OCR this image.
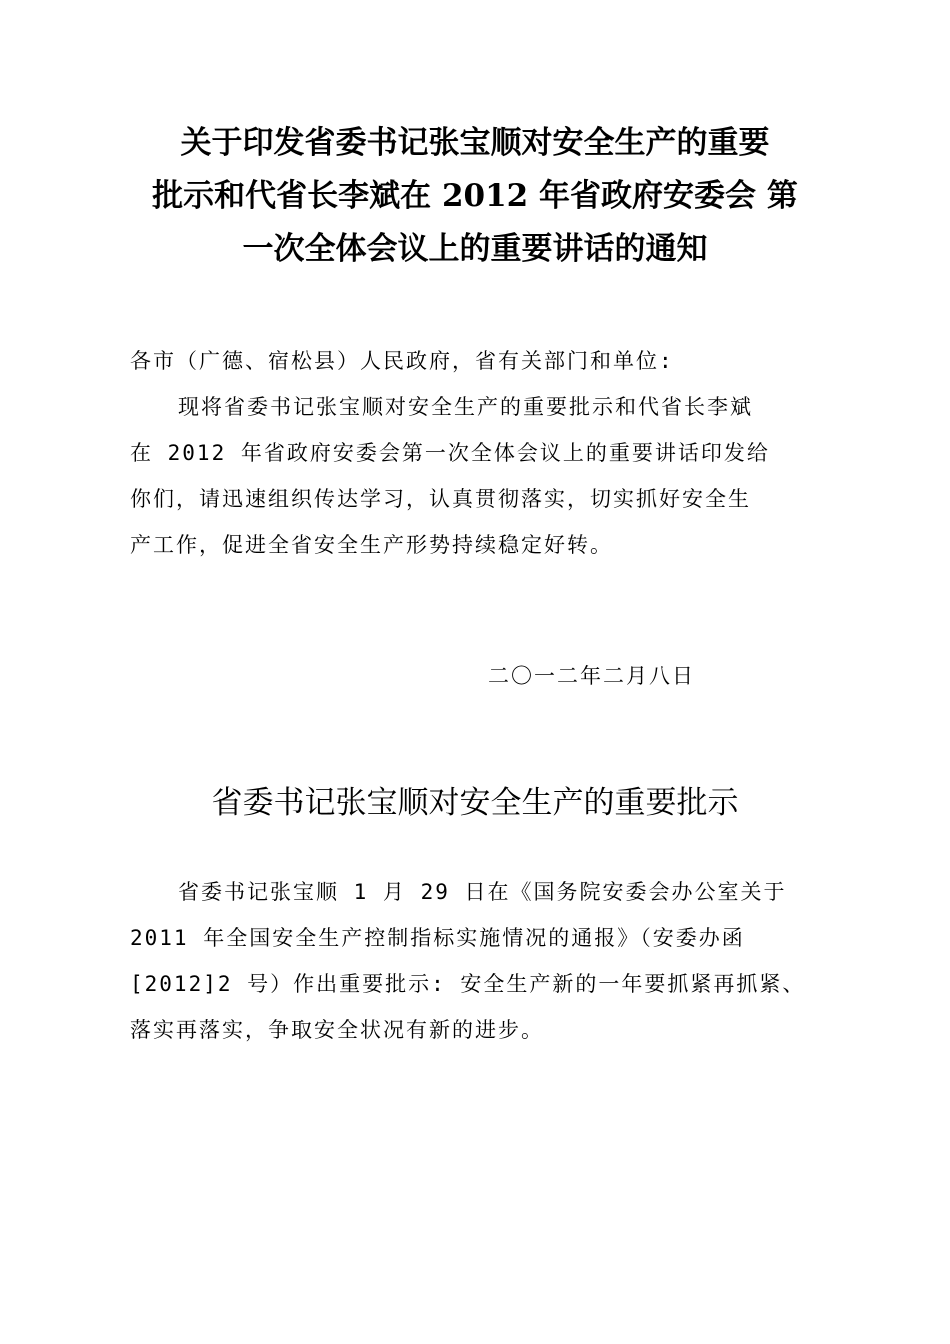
关于印发省委书记张宝顺对安全生产的重要
批示和代省长李斌在 2012 年省政府安委会 第
一次全体会议上的重要讲话的通知
各市（广德、宿松县）人民政府，省有关部门和单位:
现将省委书记张宝顺对安全生产的重要批示和代省长李斌
在 2012 年省政府安委会第一次全体会议上的重要讲话印发给
你们，请迅速组织传达学习，认真贯彻落实，切实抓好安全生
产工作，促进全省安全生产形势持续稳定好转。
二〇一二年二月八日
省委书记张宝顺对安全生产的重要批示
省委书记张宝顺 1 月 29 日在《国务院安委会办公室关于
2011 年全国安全生产控制指标实施情况的通报》（安委办函
[2012]2 号）作出重要批示: 安全生产新的一年要抓紧再抓紧、
落实再落实，争取安全状况有新的进步。
